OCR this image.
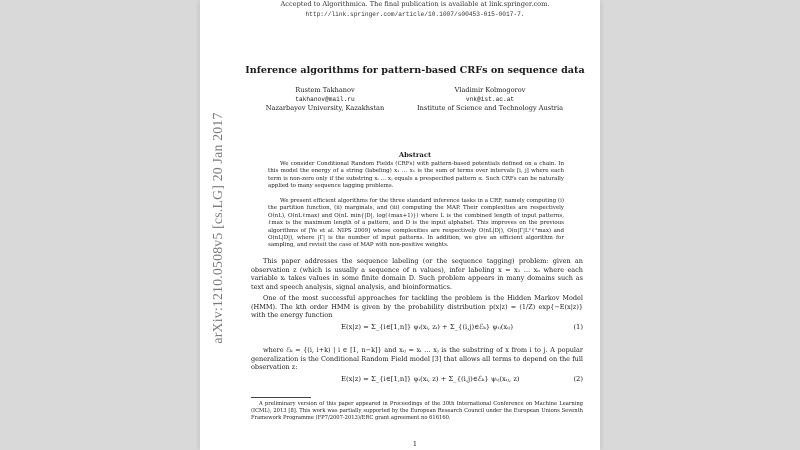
arXiv:1210.0508v5 [cs.LG] 20 Jan 2017
Accepted to Algorithmica. The final publication is available at link.springer.com.
http://link.springer.com/article/10.1007/s00453-015-0017-7.
Inference algorithms for pattern-based CRFs on sequence data
Rustem Takhanov
takhanov@mail.ru
Nazarbayev University, Kazakhstan
Vladimir Kolmogorov
vnk@ist.ac.at
Institute of Science and Technology Austria
Abstract

We consider Conditional Random Fields (CRFs) with pattern-based potentials defined on a chain. In this model the energy of a string (labeling) x₁ … xₙ is the sum of terms over intervals [i, j] where each term is non-zero only if the substring xᵢ … xⱼ equals a prespecified pattern α. Such CRFs can be naturally applied to many sequence tagging problems.

We present efficient algorithms for the three standard inference tasks in a CRF, namely computing (i) the partition function, (ii) marginals, and (iii) computing the MAP. Their complexities are respectively O(nL), O(nLℓmax) and O(nL min{|D|, log(ℓmax+1)}) where L is the combined length of input patterns, ℓmax is the maximum length of a pattern, and D is the input alphabet. This improves on the previous algorithms of [Ye et al. NIPS 2009] whose complexities are respectively O(nL|D|), O(n|Γ|L²ℓ²max) and O(nL|D|), where |Γ| is the number of input patterns. In addition, we give an efficient algorithm for sampling, and revisit the case of MAP with non-positive weights.

This paper addresses the sequence labeling (or the sequence tagging) problem: given an observation z (which is usually a sequence of n values), infer labeling x = x₁ … xₙ where each variable xᵢ takes values in some finite domain D. Such problem appears in many domains such as text and speech analysis, signal analysis, and bioinformatics.

One of the most successful approaches for tackling the problem is the Hidden Markov Model (HMM). The kth order HMM is given by the probability distribution p(x|z) = (1/Z) exp{−E(x|z)} with the energy function

E(x|z) = Σ_{i∈[1,n]} ψᵢ(xᵢ, zᵢ) + Σ_{(i,j)∈ℰₖ} ψᵢⱼ(xᵢⱼ)	(1)

where ℰₖ = {(i, i+k) | i ∈ [1, n−k]} and xᵢⱼ = xᵢ … xⱼ is the substring of x from i to j. A popular generalization is the Conditional Random Field model [3] that allows all terms to depend on the full observation z:

E(x|z) = Σ_{i∈[1,n]} ψᵢ(xᵢ, z) + Σ_{(i,j)∈ℰₖ} ψᵢⱼ(xᵢⱼ, z)	(2)

A preliminary version of this paper appeared in Proceedings of the 30th International Conference on Machine Learning (ICML), 2013 [8]. This work was partially supported by the European Research Council under the European Unions Seventh Framework Programme (FP7/2007-2013)/ERC grant agreement no 616160.

1
